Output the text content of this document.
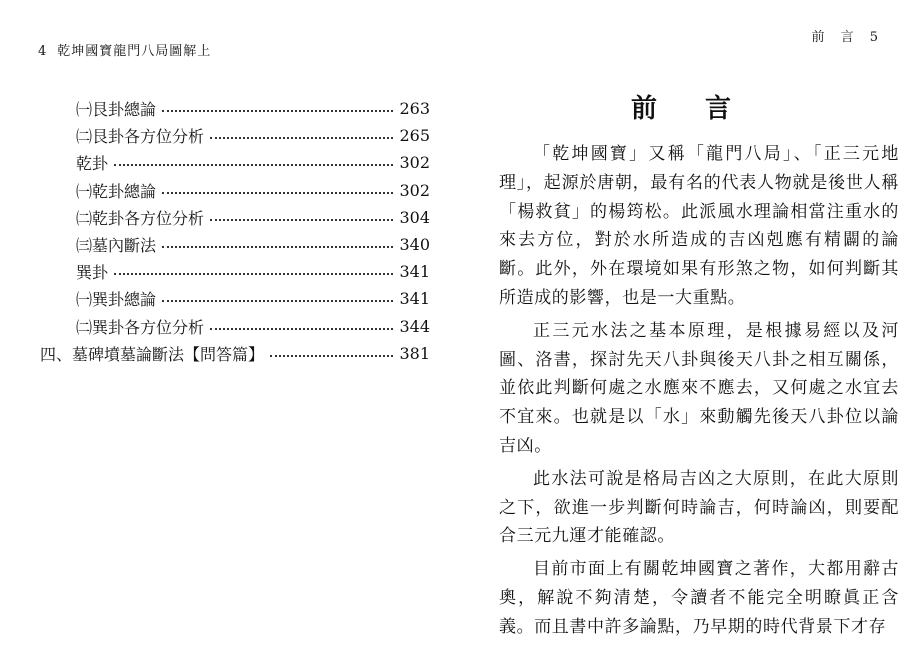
4 乾坤國寶龍門八局圖解上
㈠艮卦總論	263
㈡艮卦各方位分析	265
乾卦	302
㈠乾卦總論	302
㈡乾卦各方位分析	304
㈢墓內斷法	340
巽卦	341
㈠巽卦總論	341
㈡巽卦各方位分析	344
四、墓碑墳墓論斷法【問答篇】	381
前 言 5
前言

「乾坤國寶」又稱「龍門八局」、「正三元地理」，起源於唐朝，最有名的代表人物就是後世人稱「楊救貧」的楊筠松。此派風水理論相當注重水的來去方位，對於水所造成的吉凶剋應有精闢的論斷。此外，外在環境如果有形煞之物，如何判斷其所造成的影響，也是一大重點。

正三元水法之基本原理，是根據易經以及河圖、洛書，探討先天八卦與後天八卦之相互關係，並依此判斷何處之水應來不應去，又何處之水宜去不宜來。也就是以「水」來動觸先後天八卦位以論吉凶。

此水法可說是格局吉凶之大原則，在此大原則之下，欲進一步判斷何時論吉，何時論凶，則要配合三元九運才能確認。

目前市面上有關乾坤國寶之著作，大都用辭古奧，解說不夠清楚，令讀者不能完全明瞭眞正含義。而且書中許多論點，乃早期的時代背景下才存
